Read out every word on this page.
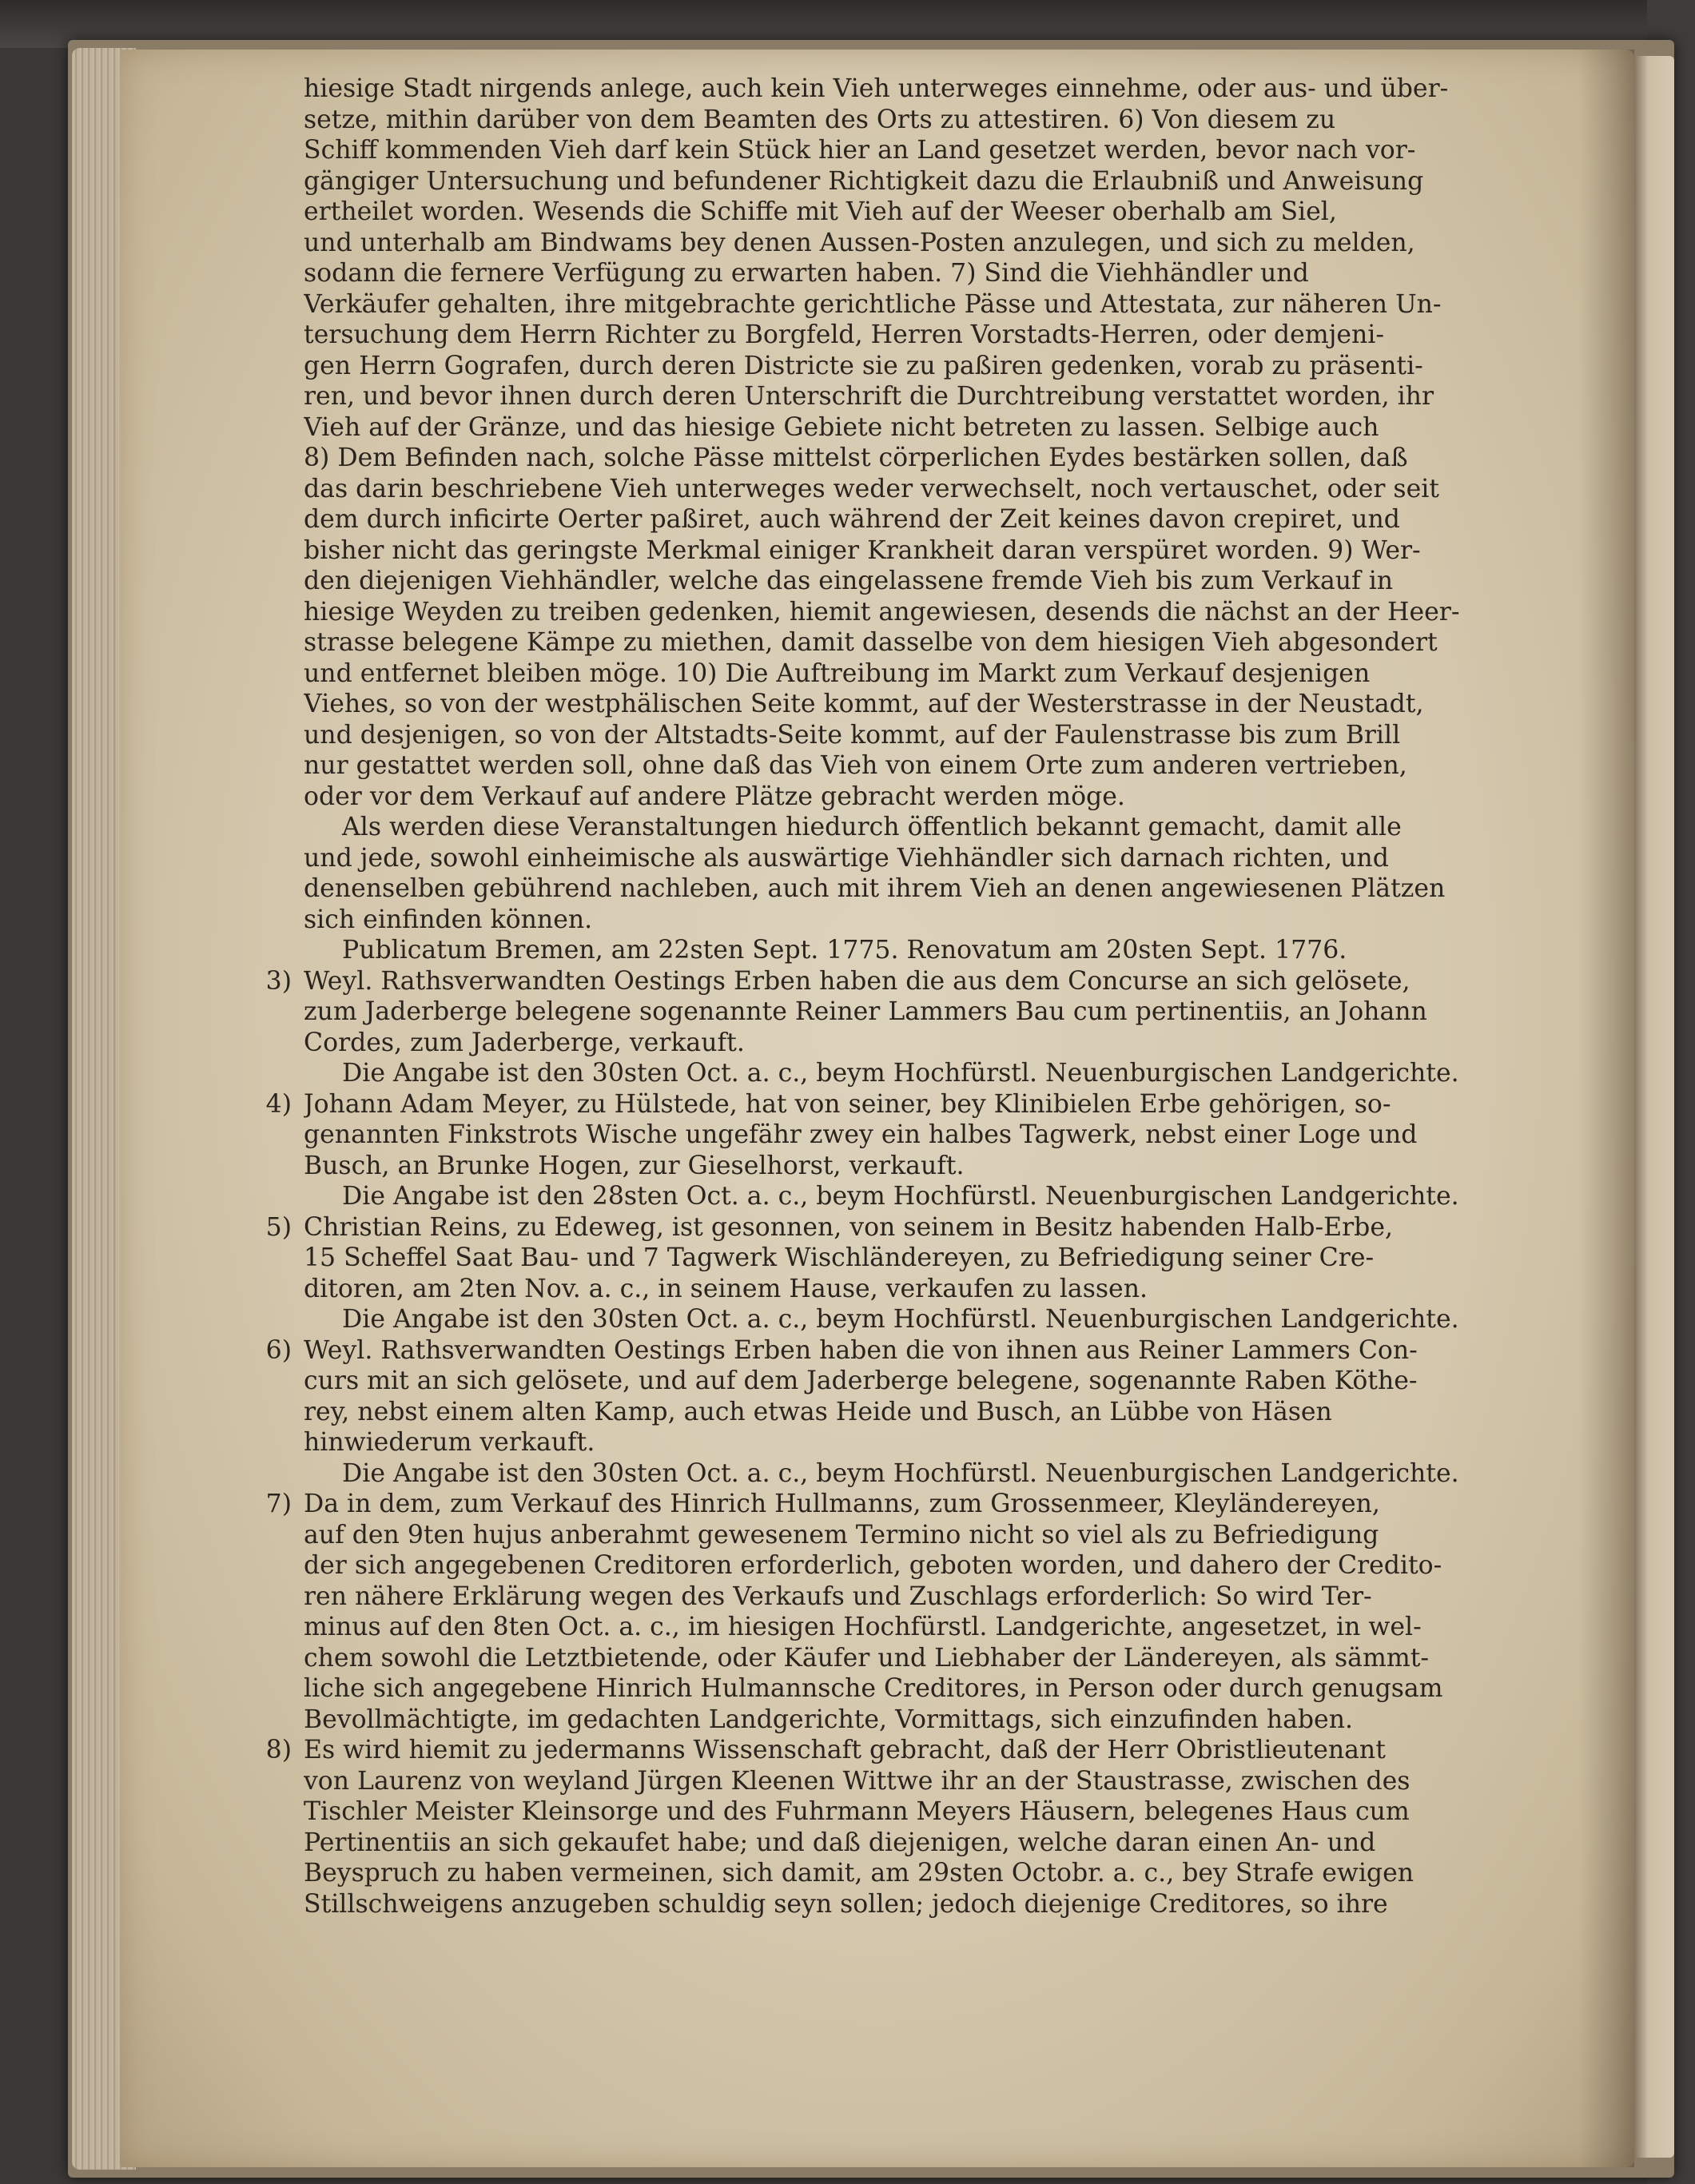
hiesige Stadt nirgends anlege, auch kein Vieh unterweges einnehme, oder aus- und über-
setze, mithin darüber von dem Beamten des Orts zu attestiren. 6) Von diesem zu
Schiff kommenden Vieh darf kein Stück hier an Land gesetzet werden, bevor nach vor-
gängiger Untersuchung und befundener Richtigkeit dazu die Erlaubniß und Anweisung
ertheilet worden. Wesends die Schiffe mit Vieh auf der Weeser oberhalb am Siel,
und unterhalb am Bindwams bey denen Aussen-Posten anzulegen, und sich zu melden,
sodann die fernere Verfügung zu erwarten haben. 7) Sind die Viehhändler und
Verkäufer gehalten, ihre mitgebrachte gerichtliche Pässe und Attestata, zur näheren Un-
tersuchung dem Herrn Richter zu Borgfeld, Herren Vorstadts-Herren, oder demjeni-
gen Herrn Gografen, durch deren Districte sie zu paßiren gedenken, vorab zu präsenti-
ren, und bevor ihnen durch deren Unterschrift die Durchtreibung verstattet worden, ihr
Vieh auf der Gränze, und das hiesige Gebiete nicht betreten zu lassen. Selbige auch
8) Dem Befinden nach, solche Pässe mittelst cörperlichen Eydes bestärken sollen, daß
das darin beschriebene Vieh unterweges weder verwechselt, noch vertauschet, oder seit
dem durch inficirte Oerter paßiret, auch während der Zeit keines davon crepiret, und
bisher nicht das geringste Merkmal einiger Krankheit daran verspüret worden. 9) Wer-
den diejenigen Viehhändler, welche das eingelassene fremde Vieh bis zum Verkauf in
hiesige Weyden zu treiben gedenken, hiemit angewiesen, desends die nächst an der Heer-
strasse belegene Kämpe zu miethen, damit dasselbe von dem hiesigen Vieh abgesondert
und entfernet bleiben möge. 10) Die Auftreibung im Markt zum Verkauf desjenigen
Viehes, so von der westphälischen Seite kommt, auf der Westerstrasse in der Neustadt,
und desjenigen, so von der Altstadts-Seite kommt, auf der Faulenstrasse bis zum Brill
nur gestattet werden soll, ohne daß das Vieh von einem Orte zum anderen vertrieben,
oder vor dem Verkauf auf andere Plätze gebracht werden möge.
Als werden diese Veranstaltungen hiedurch öffentlich bekannt gemacht, damit alle
und jede, sowohl einheimische als auswärtige Viehhändler sich darnach richten, und
denenselben gebührend nachleben, auch mit ihrem Vieh an denen angewiesenen Plätzen
sich einfinden können.
Publicatum Bremen, am 22sten Sept. 1775. Renovatum am 20sten Sept. 1776.
3) Weyl. Rathsverwandten Oestings Erben haben die aus dem Concurse an sich gelösete,
zum Jaderberge belegene sogenannte Reiner Lammers Bau cum pertinentiis, an Johann
Cordes, zum Jaderberge, verkauft.
Die Angabe ist den 30sten Oct. a. c., beym Hochfürstl. Neuenburgischen Landgerichte.
4) Johann Adam Meyer, zu Hülstede, hat von seiner, bey Klinibielen Erbe gehörigen, so-
genannten Finkstrots Wische ungefähr zwey ein halbes Tagwerk, nebst einer Loge und
Busch, an Brunke Hogen, zur Gieselhorst, verkauft.
Die Angabe ist den 28sten Oct. a. c., beym Hochfürstl. Neuenburgischen Landgerichte.
5) Christian Reins, zu Edeweg, ist gesonnen, von seinem in Besitz habenden Halb-Erbe,
15 Scheffel Saat Bau- und 7 Tagwerk Wischländereyen, zu Befriedigung seiner Cre-
ditoren, am 2ten Nov. a. c., in seinem Hause, verkaufen zu lassen.
Die Angabe ist den 30sten Oct. a. c., beym Hochfürstl. Neuenburgischen Landgerichte.
6) Weyl. Rathsverwandten Oestings Erben haben die von ihnen aus Reiner Lammers Con-
curs mit an sich gelösete, und auf dem Jaderberge belegene, sogenannte Raben Köthe-
rey, nebst einem alten Kamp, auch etwas Heide und Busch, an Lübbe von Häsen
hinwiederum verkauft.
Die Angabe ist den 30sten Oct. a. c., beym Hochfürstl. Neuenburgischen Landgerichte.
7) Da in dem, zum Verkauf des Hinrich Hullmanns, zum Grossenmeer, Kleyländereyen,
auf den 9ten hujus anberahmt gewesenem Termino nicht so viel als zu Befriedigung
der sich angegebenen Creditoren erforderlich, geboten worden, und dahero der Credito-
ren nähere Erklärung wegen des Verkaufs und Zuschlags erforderlich: So wird Ter-
minus auf den 8ten Oct. a. c., im hiesigen Hochfürstl. Landgerichte, angesetzet, in wel-
chem sowohl die Letztbietende, oder Käufer und Liebhaber der Ländereyen, als sämmt-
liche sich angegebene Hinrich Hulmannsche Creditores, in Person oder durch genugsam
Bevollmächtigte, im gedachten Landgerichte, Vormittags, sich einzufinden haben.
8) Es wird hiemit zu jedermanns Wissenschaft gebracht, daß der Herr Obristlieutenant
von Laurenz von weyland Jürgen Kleenen Wittwe ihr an der Staustrasse, zwischen des
Tischler Meister Kleinsorge und des Fuhrmann Meyers Häusern, belegenes Haus cum
Pertinentiis an sich gekaufet habe; und daß diejenigen, welche daran einen An- und
Beyspruch zu haben vermeinen, sich damit, am 29sten Octobr. a. c., bey Strafe ewigen
Stillschweigens anzugeben schuldig seyn sollen; jedoch diejenige Creditores, so ihre
